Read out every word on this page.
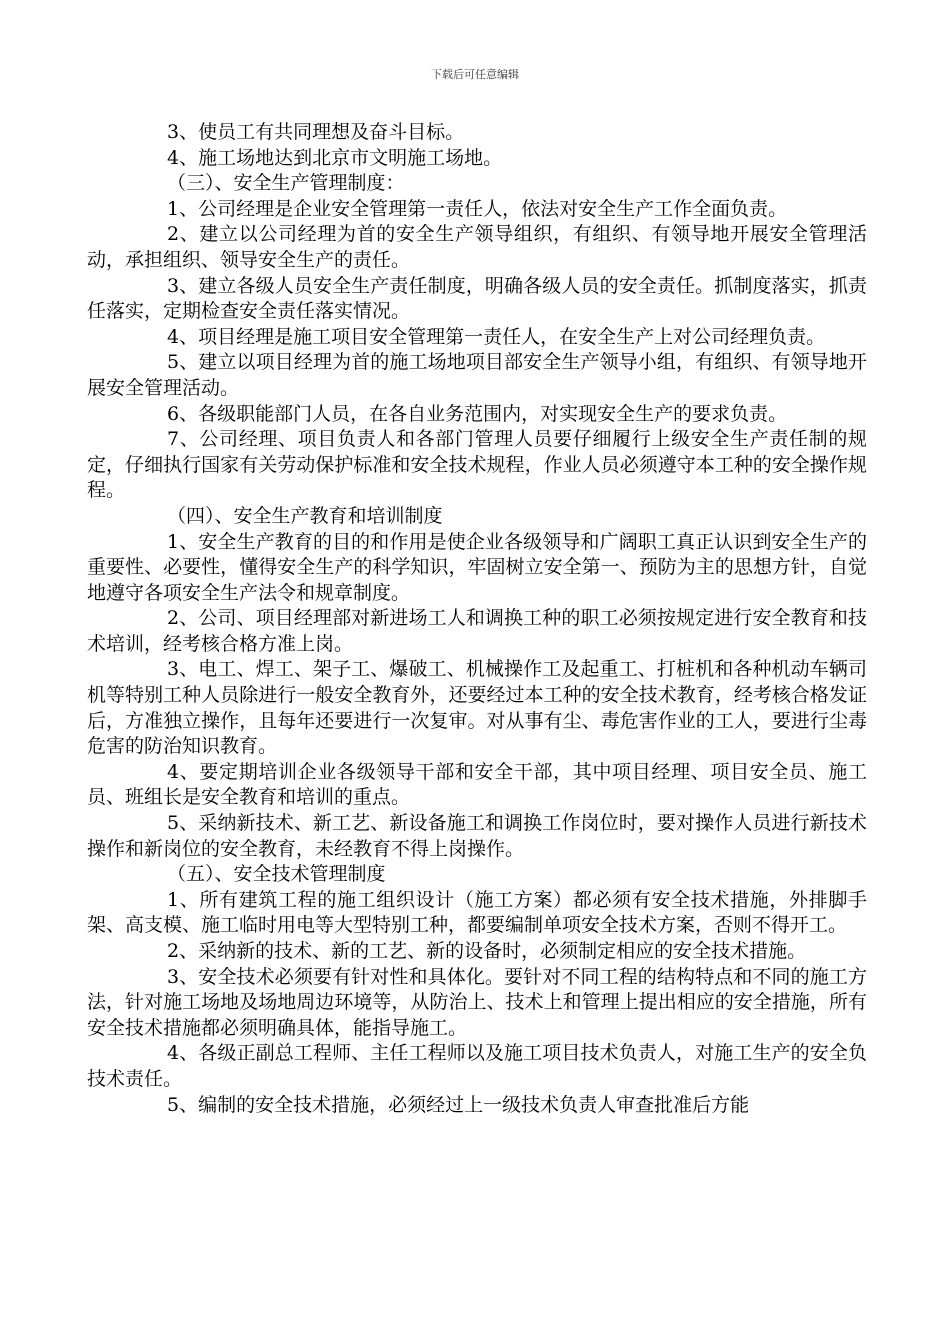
下载后可任意编辑

3、使员工有共同理想及奋斗目标。

4、施工场地达到北京市文明施工场地。

（三）、安全生产管理制度：

1、公司经理是企业安全管理第一责任人，依法对安全生产工作全面负责。

2、建立以公司经理为首的安全生产领导组织，有组织、有领导地开展安全管理活动，承担组织、领导安全生产的责任。

3、建立各级人员安全生产责任制度，明确各级人员的安全责任。抓制度落实，抓责任落实，定期检查安全责任落实情况。

4、项目经理是施工项目安全管理第一责任人，在安全生产上对公司经理负责。

5、建立以项目经理为首的施工场地项目部安全生产领导小组，有组织、有领导地开展安全管理活动。

6、各级职能部门人员，在各自业务范围内，对实现安全生产的要求负责。

7、公司经理、项目负责人和各部门管理人员要仔细履行上级安全生产责任制的规定，仔细执行国家有关劳动保护标准和安全技术规程，作业人员必须遵守本工种的安全操作规程。

（四）、安全生产教育和培训制度

1、安全生产教育的目的和作用是使企业各级领导和广阔职工真正认识到安全生产的重要性、必要性，懂得安全生产的科学知识，牢固树立安全第一、预防为主的思想方针，自觉地遵守各项安全生产法令和规章制度。

2、公司、项目经理部对新进场工人和调换工种的职工必须按规定进行安全教育和技术培训，经考核合格方准上岗。

3、电工、焊工、架子工、爆破工、机械操作工及起重工、打桩机和各种机动车辆司机等特别工种人员除进行一般安全教育外，还要经过本工种的安全技术教育，经考核合格发证后，方准独立操作，且每年还要进行一次复审。对从事有尘、毒危害作业的工人，要进行尘毒危害的防治知识教育。

4、要定期培训企业各级领导干部和安全干部，其中项目经理、项目安全员、施工员、班组长是安全教育和培训的重点。

5、采纳新技术、新工艺、新设备施工和调换工作岗位时，要对操作人员进行新技术操作和新岗位的安全教育，未经教育不得上岗操作。

（五）、安全技术管理制度

1、所有建筑工程的施工组织设计（施工方案）都必须有安全技术措施，外排脚手架、高支模、施工临时用电等大型特别工种，都要编制单项安全技术方案，否则不得开工。

2、采纳新的技术、新的工艺、新的设备时，必须制定相应的安全技术措施。

3、安全技术必须要有针对性和具体化。要针对不同工程的结构特点和不同的施工方法，针对施工场地及场地周边环境等，从防治上、技术上和管理上提出相应的安全措施，所有安全技术措施都必须明确具体，能指导施工。

4、各级正副总工程师、主任工程师以及施工项目技术负责人，对施工生产的安全负技术责任。

5、编制的安全技术措施，必须经过上一级技术负责人审查批准后方能
